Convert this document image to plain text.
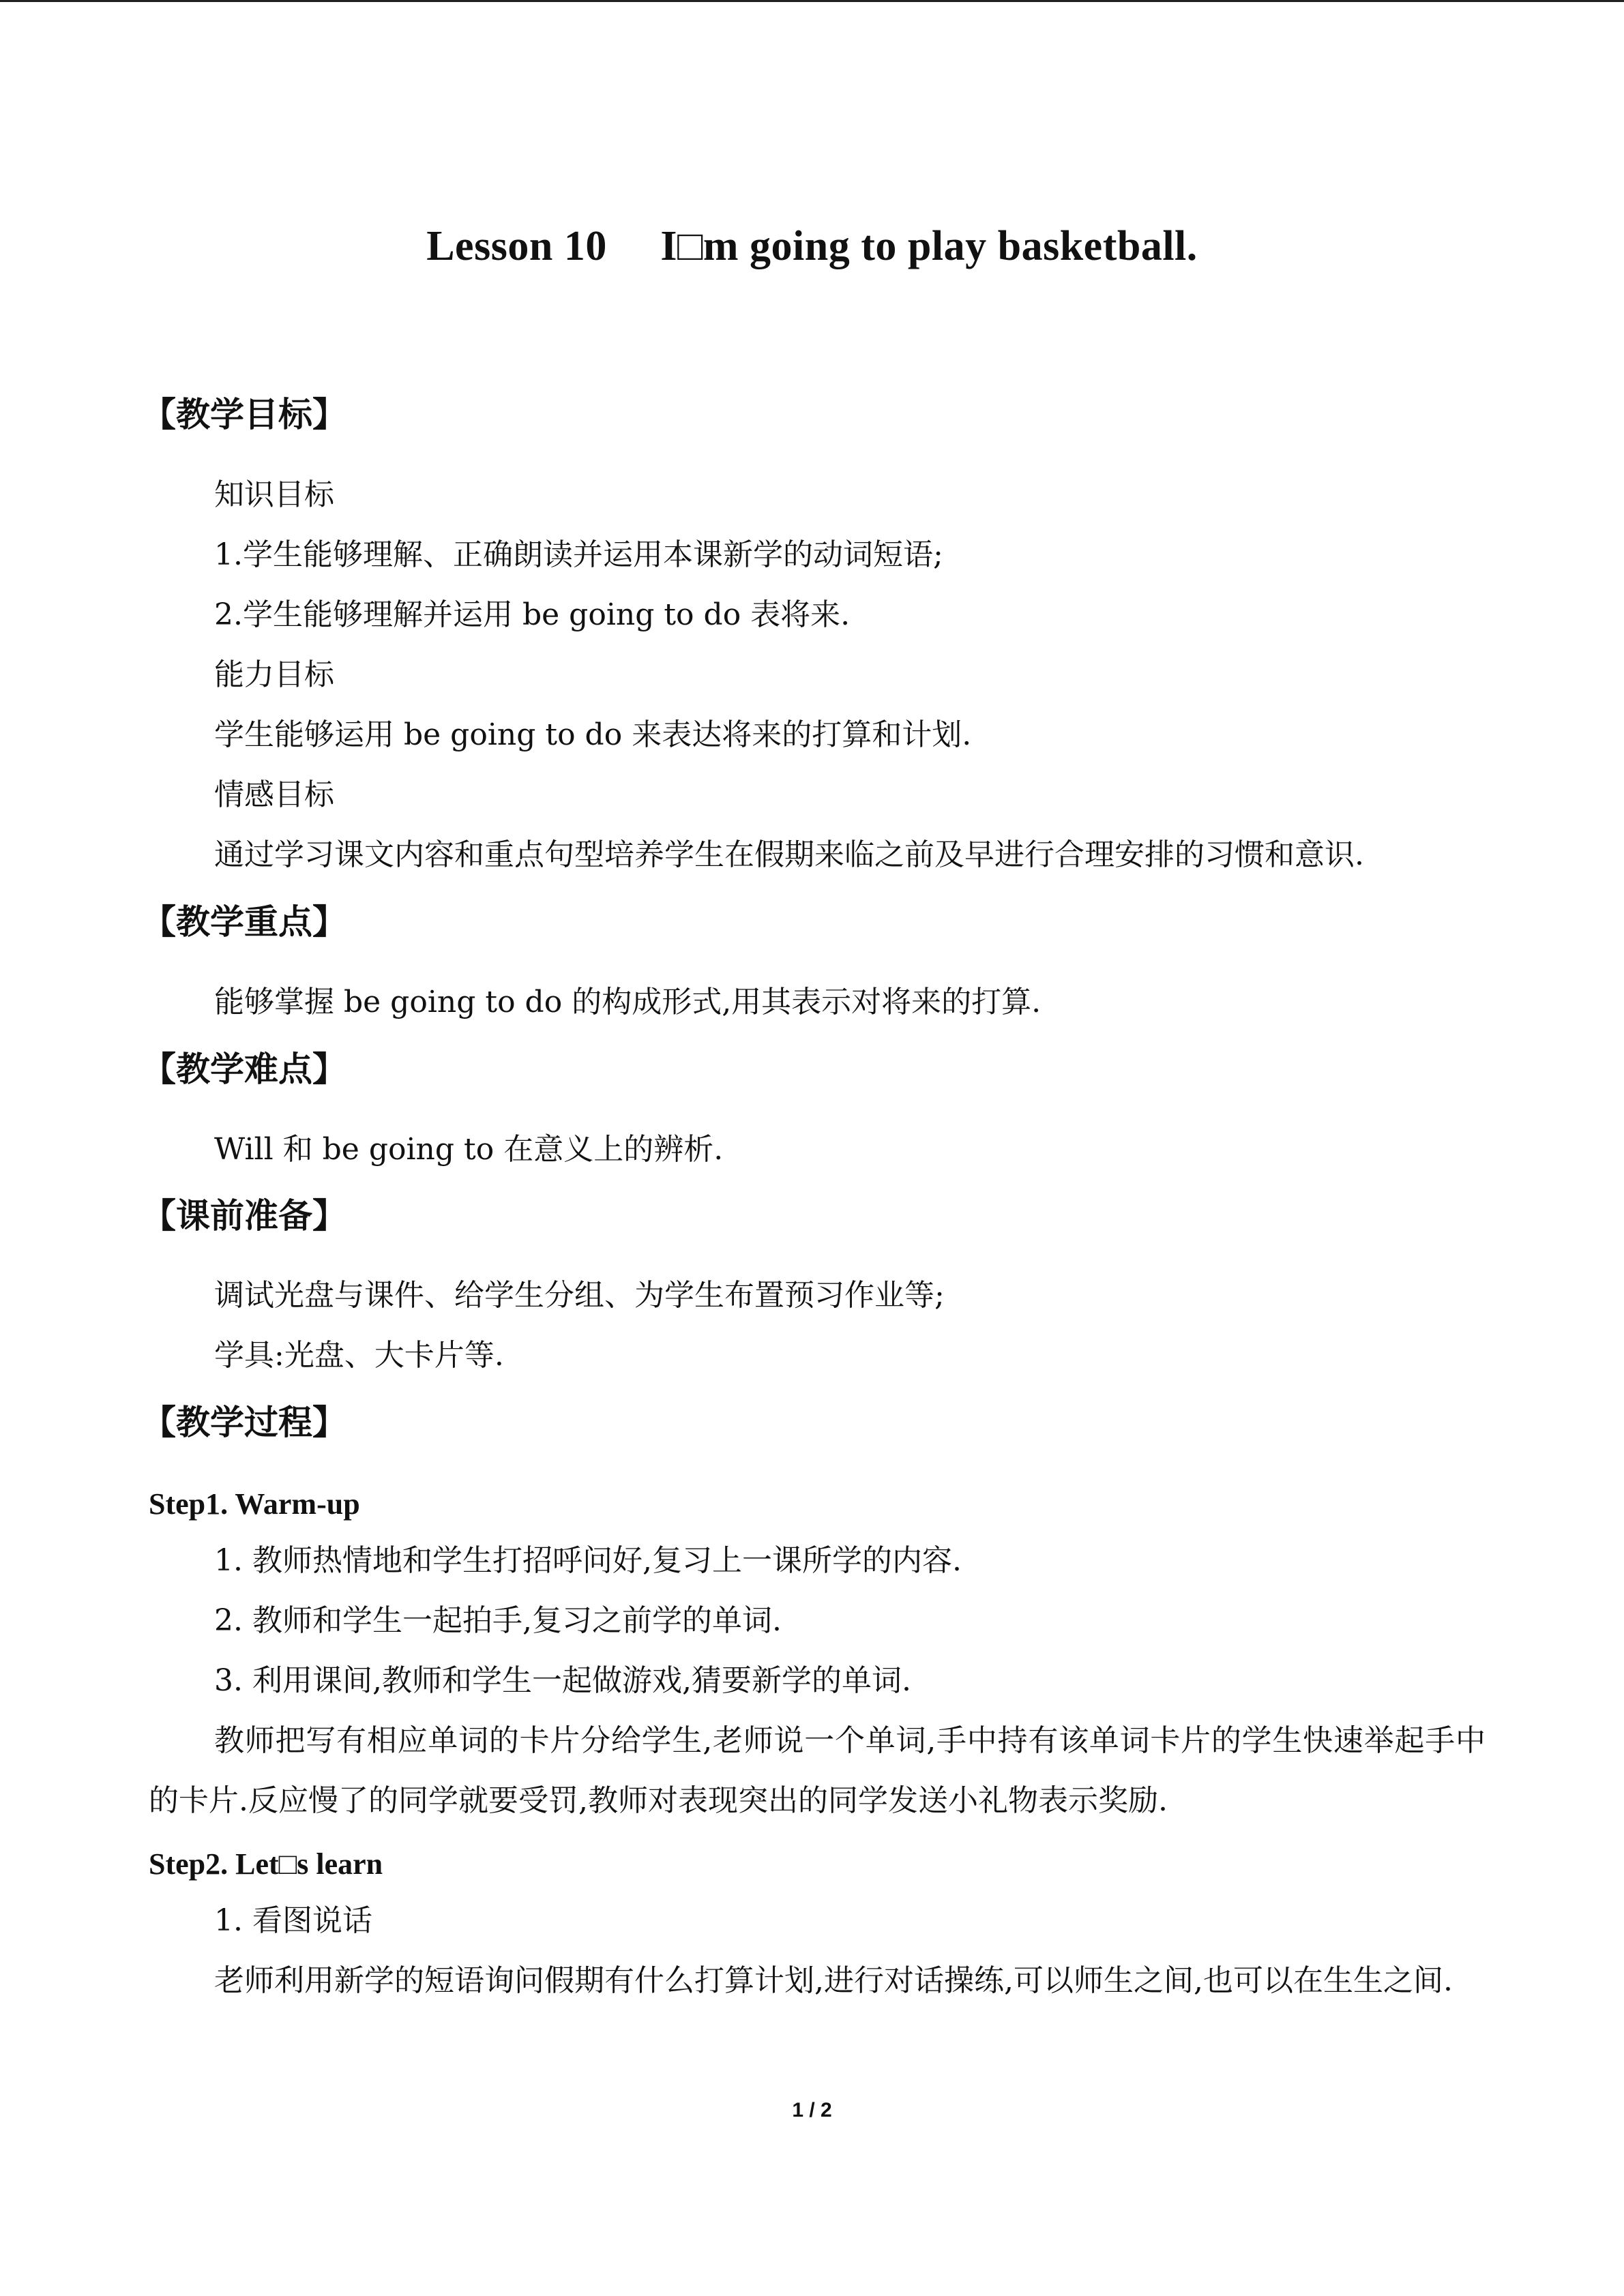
Lesson 10　 I□m going to play basketball.
【教学目标】
知识目标
1.学生能够理解、正确朗读并运用本课新学的动词短语;
2.学生能够理解并运用 be going to do 表将来.
能力目标
学生能够运用 be going to do 来表达将来的打算和计划.
情感目标
通过学习课文内容和重点句型培养学生在假期来临之前及早进行合理安排的习惯和意识.
【教学重点】
能够掌握 be going to do 的构成形式,用其表示对将来的打算.
【教学难点】
Will 和 be going to 在意义上的辨析.
【课前准备】
调试光盘与课件、给学生分组、为学生布置预习作业等;
学具:光盘、大卡片等.
【教学过程】
Step1. Warm-up
1. 教师热情地和学生打招呼问好,复习上一课所学的内容.
2. 教师和学生一起拍手,复习之前学的单词.
3. 利用课间,教师和学生一起做游戏,猜要新学的单词.
教师把写有相应单词的卡片分给学生,老师说一个单词,手中持有该单词卡片的学生快速举起手中的卡片.反应慢了的同学就要受罚,教师对表现突出的同学发送小礼物表示奖励.
Step2. Let□s learn
1. 看图说话
老师利用新学的短语询问假期有什么打算计划,进行对话操练,可以师生之间,也可以在生生之间.
1 / 2
